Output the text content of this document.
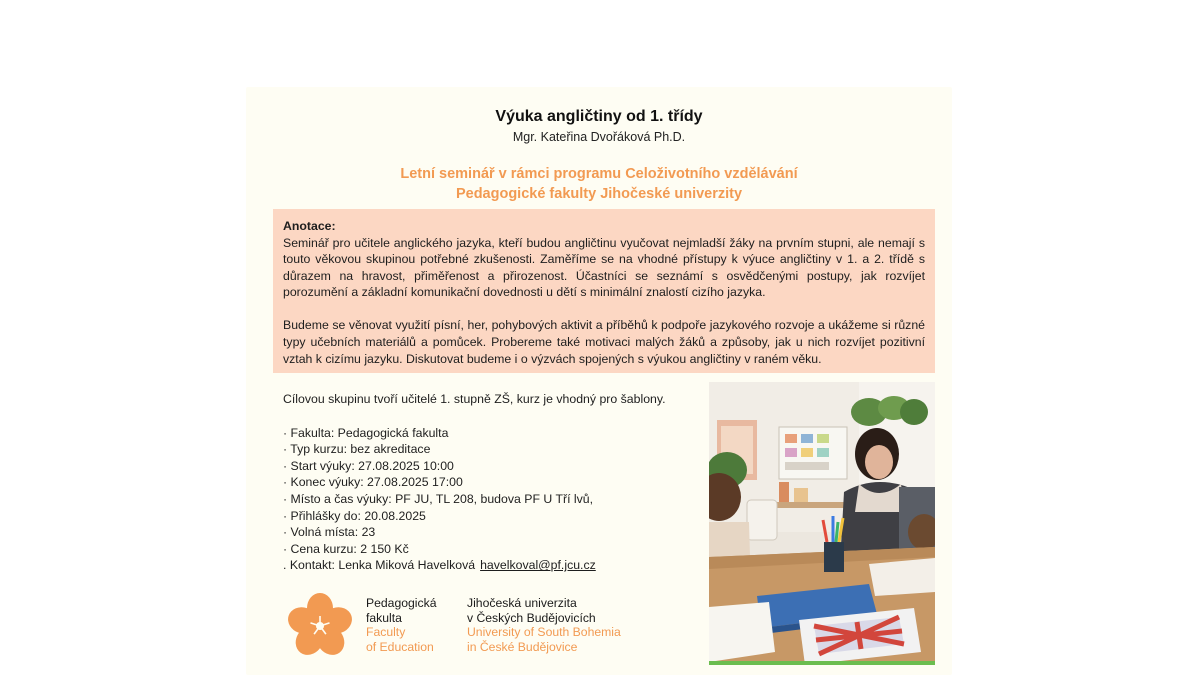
Výuka angličtiny od 1. třídy
Mgr. Kateřina Dvořáková Ph.D.
Letní seminář v rámci programu Celoživotního vzdělávání
Pedagogické fakulty Jihočeské univerzity
Anotace:

Seminář pro učitele anglického jazyka, kteří budou angličtinu vyučovat nejmladší žáky na prvním stupni, ale nemají s touto věkovou skupinou potřebné zkušenosti. Zaměříme se na vhodné přístupy k výuce angličtiny v 1. a 2. třídě s důrazem na hravost, přiměřenost a přirozenost. Účastníci se seznámí s osvědčenými postupy, jak rozvíjet porozumění a základní komunikační dovednosti u dětí s minimální znalostí cizího jazyka.

Budeme se věnovat využití písní, her, pohybových aktivit a příběhů k podpoře jazykového rozvoje a ukážeme si různé typy učebních materiálů a pomůcek. Probereme také motivaci malých žáků a způsoby, jak u nich rozvíjet pozitivní vztah k cizímu jazyku. Diskutovat budeme i o výzvách spojených s výukou angličtiny v raném věku.

Cílovou skupinu tvoří učitelé 1. stupně ZŠ, kurz je vhodný pro šablony.

· Fakulta: Pedagogická fakulta
· Typ kurzu: bez akreditace
· Start výuky: 27.08.2025 10:00
· Konec výuky: 27.08.2025 17:00
· Místo a čas výuky: PF JU, TL 208, budova PF U Tří lvů,
· Přihlášky do: 20.08.2025
· Volná místa: 23
· Cena kurzu: 2 150 Kč
. Kontakt: Lenka Miková Havelková havelkoval@pf.jcu.cz
Pedagogická
fakulta
Faculty
of Education
Jihočeská univerzita
v Českých Budějovicích
University of South Bohemia
in České Budějovice
